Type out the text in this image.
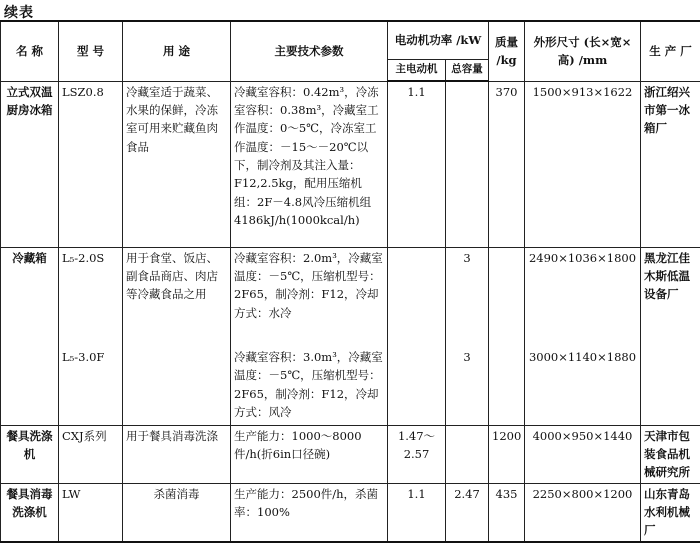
续表
名 称	型 号	用 途	主要技术参数	电动机功率 /kW		质量 /kg	外形尺寸 (长×宽×高) /mm	生 产 厂
				主电动机	总容量			
立式双温厨房冰箱	LSZ0.8	冷藏室适于蔬菜、水果的保鲜，冷冻室可用来贮藏鱼肉食品	冷藏室容积：0.42m³，冷冻室容积：0.38m³，冷藏室工作温度：0～5℃，冷冻室工作温度：－15～－20℃以下，制冷剂及其注入量：F12,2.5kg，配用压缩机组：2F－4.8风冷压缩机组4186kJ/h(1000kcal/h)	1.1		370	1500×913×1622	浙江绍兴市第一冰箱厂
冷藏箱	L₅-2.0S	用于食堂、饭店、副食品商店、肉店等冷藏食品之用	冷藏室容积：2.0m³，冷藏室温度：－5℃，压缩机型号：2F65，制冷剂：F12，冷却方式：水冷		3		2490×1036×1800	黑龙江佳木斯低温设备厂
	L₅-3.0F		冷藏室容积：3.0m³，冷藏室温度：－5℃，压缩机型号：2F65，制冷剂：F12，冷却方式：风冷		3		3000×1140×1880	
餐具洗涤机	CXJ系列	用于餐具消毒洗涤	生产能力：1000～8000件/h(折6in口径碗)	1.47～2.57		1200	4000×950×1440	天津市包装食品机械研究所
餐具消毒洗涤机	LW	杀菌消毒	生产能力：2500件/h，杀菌率：100%	1.1	2.47	435	2250×800×1200	山东青岛水利机械厂
